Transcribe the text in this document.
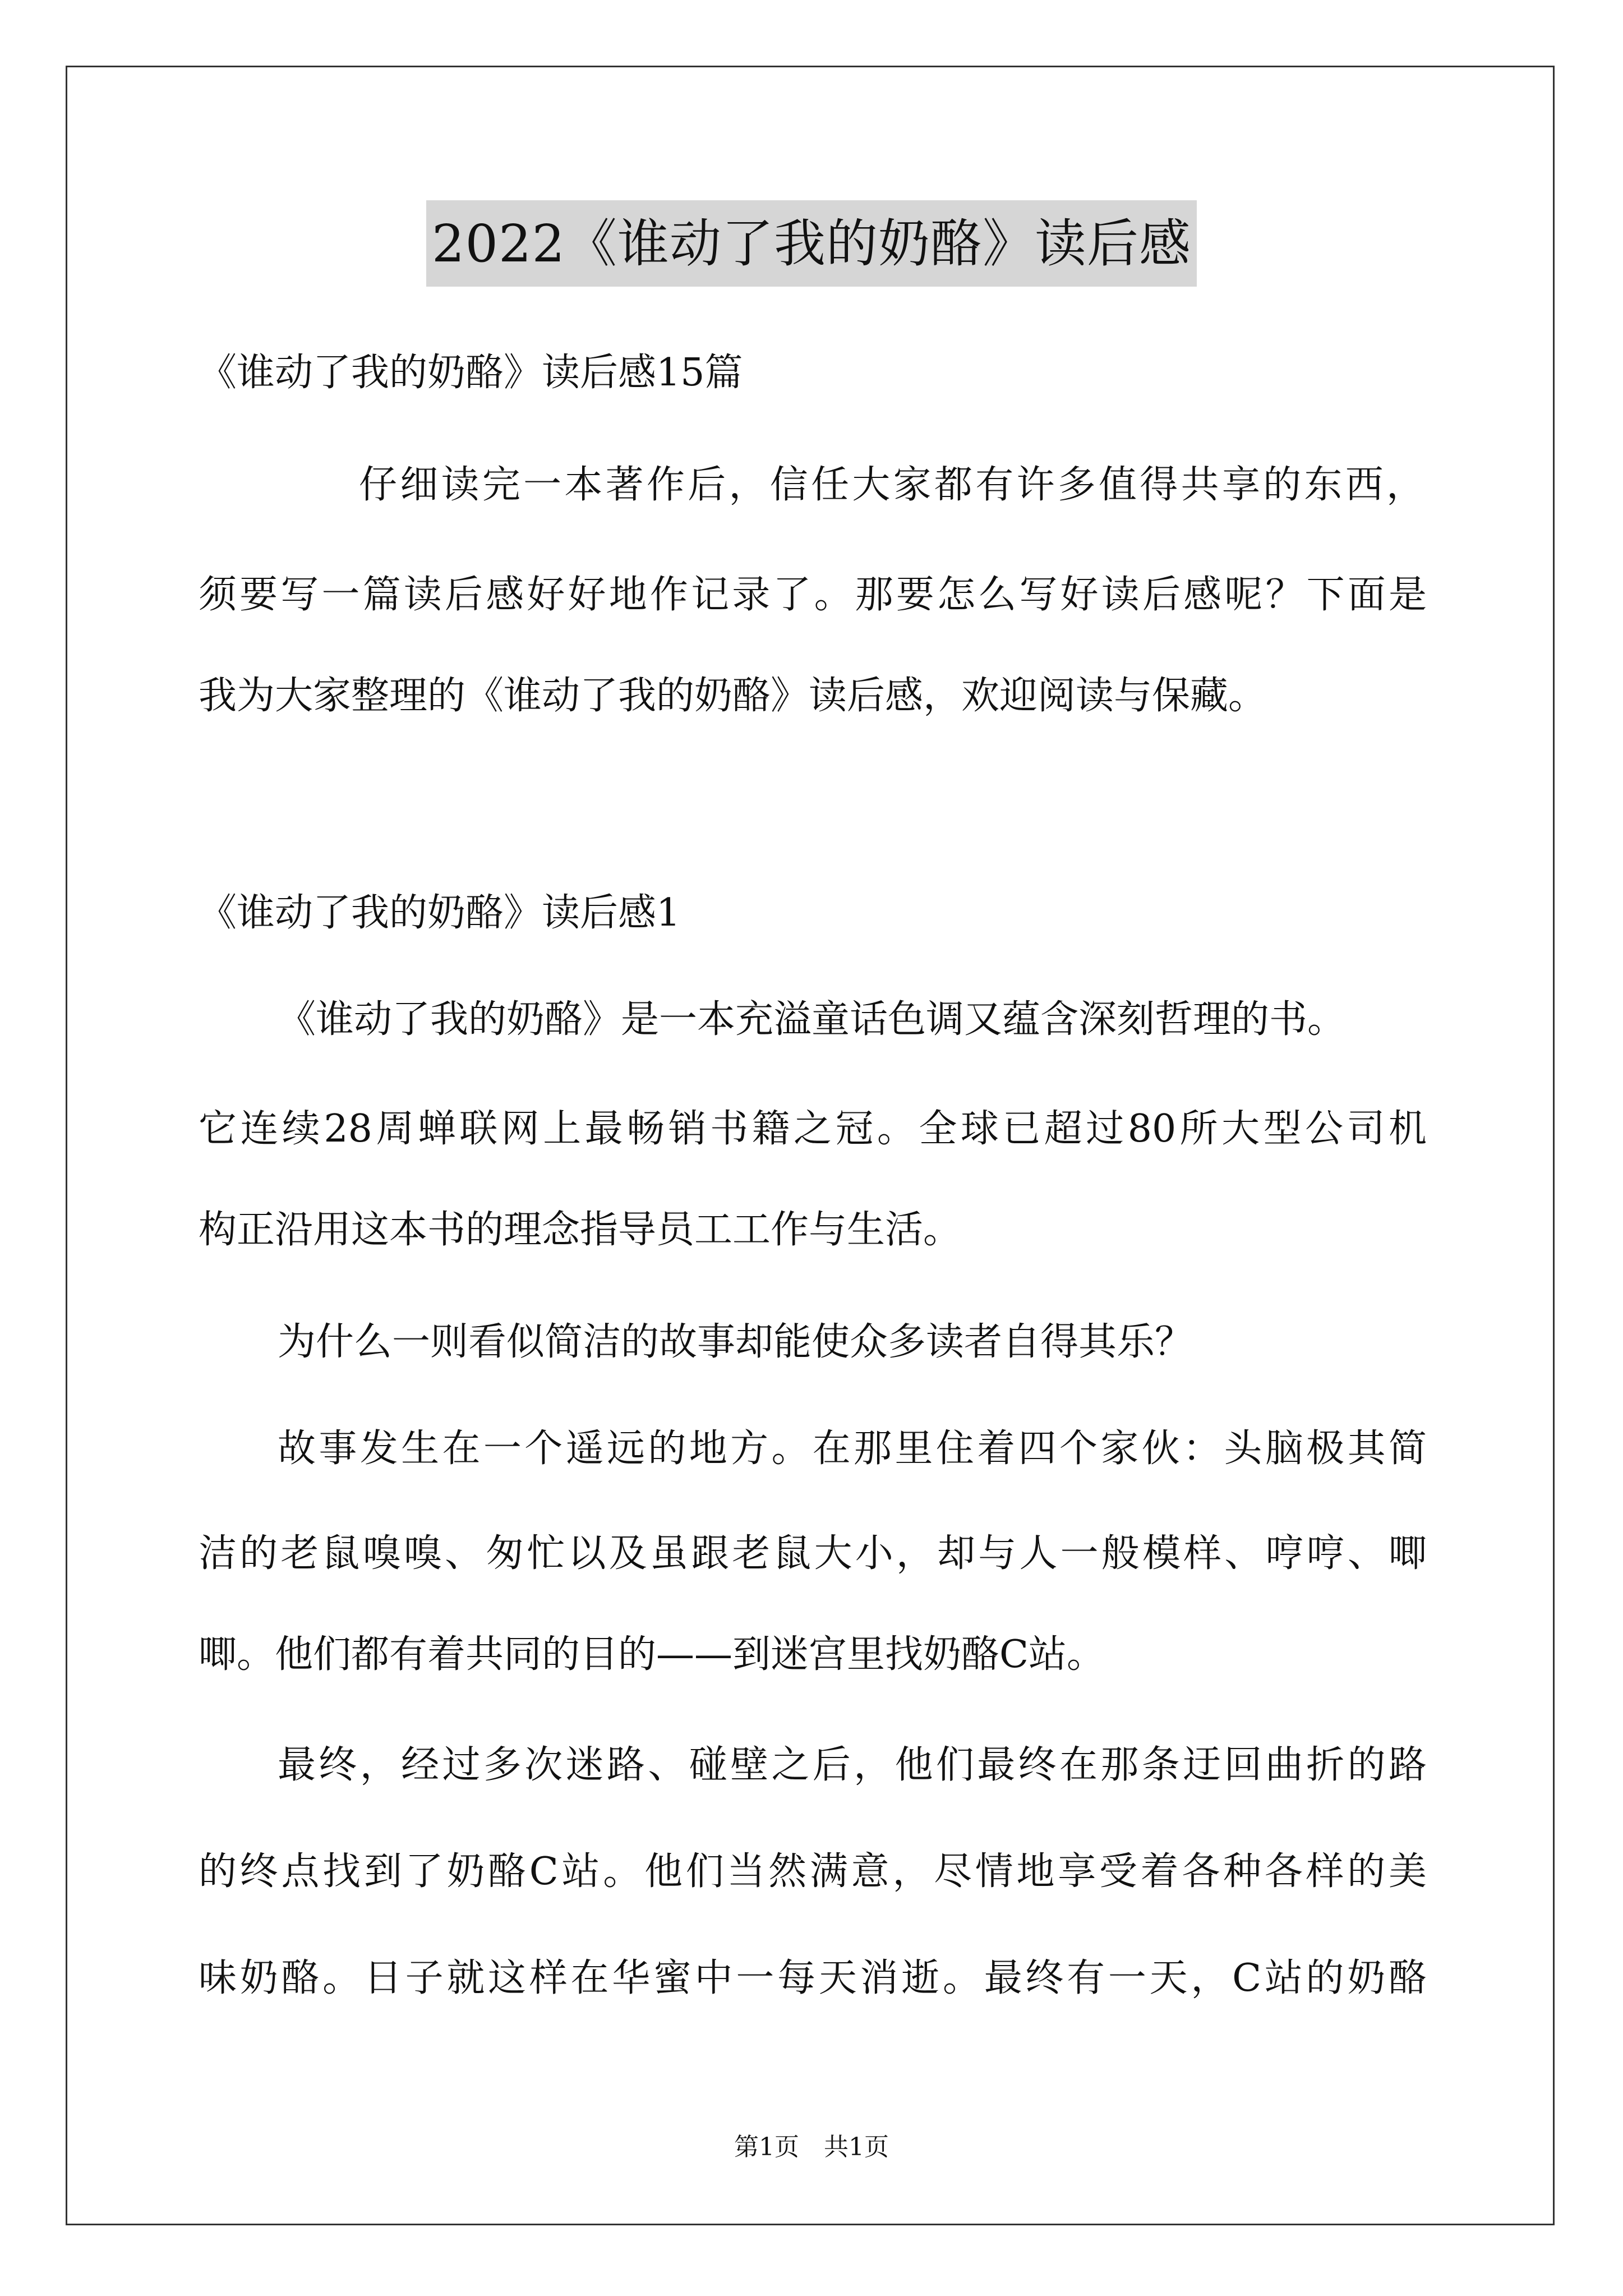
2022《谁动了我的奶酪》读后感
《谁动了我的奶酪》读后感15篇
仔细读完一本著作后，信任大家都有许多值得共享的东西，
须要写一篇读后感好好地作记录了。那要怎么写好读后感呢？下面是
我为大家整理的《谁动了我的奶酪》读后感，欢迎阅读与保藏。
《谁动了我的奶酪》读后感1
《谁动了我的奶酪》是一本充溢童话色调又蕴含深刻哲理的书。
它连续28周蝉联网上最畅销书籍之冠。全球已超过80所大型公司机
构正沿用这本书的理念指导员工工作与生活。
为什么一则看似简洁的故事却能使众多读者自得其乐？
故事发生在一个遥远的地方。在那里住着四个家伙：头脑极其简
洁的老鼠嗅嗅、匆忙以及虽跟老鼠大小，却与人一般模样、哼哼、唧
唧。他们都有着共同的目的——到迷宫里找奶酪C站。
最终，经过多次迷路、碰壁之后，他们最终在那条迂回曲折的路
的终点找到了奶酪C站。他们当然满意，尽情地享受着各种各样的美
味奶酪。日子就这样在华蜜中一每天消逝。最终有一天，C站的奶酪
第1页　共1页
